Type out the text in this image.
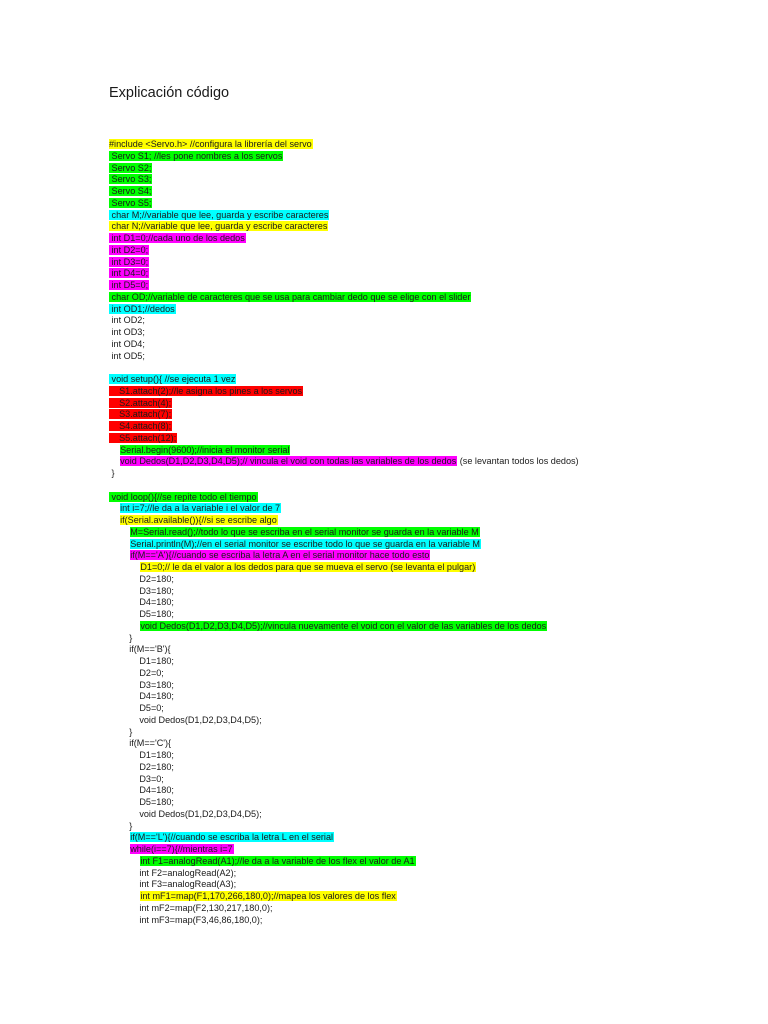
Explicación código
#include <Servo.h> //configura la librería del servo
Servo S1; //les pone nombres a los servos
Servo S2;
Servo S3;
Servo S4;
Servo S5;
char M;//variable que lee, guarda y escribe caracteres
char N;//variable que lee, guarda y escribe caracteres
int D1=0;//cada uno de los dedos
int D2=0;
int D3=0;
int D4=0;
int D5=0;
char OD;//variable de caracteres que se usa para cambiar dedo que se elige con el slider
int OD1;//dedos
int OD2;
int OD3;
int OD4;
int OD5;
void setup(){ //se ejecuta 1 vez
S1.attach(2);//le asigna los pines a los servos
S2.attach(4);
S3.attach(7);
S4.attach(8);
S5.attach(12);
Serial.begin(9600);//inicia el monitor serial
void Dedos(D1,D2,D3,D4,D5);// vincula el void con todas las variables de los dedos (se levantan todos los dedos)
}
void loop(){//se repite todo el tiempo
int i=7;//le da a la variable i el valor de 7
if(Serial.available()){//si se escribe algo
M=Serial.read();//todo lo que se escriba en el serial monitor se guarda en la variable M
Serial.println(M);//en el serial monitor se escribe todo lo que se guarda en la variable M
if(M=='A'){//cuando se escriba la letra A en el serial monitor hace todo esto
D1=0;// le da el valor a los dedos para que se mueva el servo (se levanta el pulgar)
D2=180;
D3=180;
D4=180;
D5=180;
void Dedos(D1,D2,D3,D4,D5);//vincula nuevamente el void con el valor de las variables de los dedos
}
if(M=='B'){
D1=180;
D2=0;
D3=180;
D4=180;
D5=0;
void Dedos(D1,D2,D3,D4,D5);
}
if(M=='C'){
D1=180;
D2=180;
D3=0;
D4=180;
D5=180;
void Dedos(D1,D2,D3,D4,D5);
}
if(M=='L'){//cuando se escriba la letra L en el serial
while(i==7){//mientras i=7
int F1=analogRead(A1);//le da a la variable de los flex el valor de A1
int F2=analogRead(A2);
int F3=analogRead(A3);
int mF1=map(F1,170,266,180,0);//mapea los valores de los flex
int mF2=map(F2,130,217,180,0);
int mF3=map(F3,46,86,180,0);
